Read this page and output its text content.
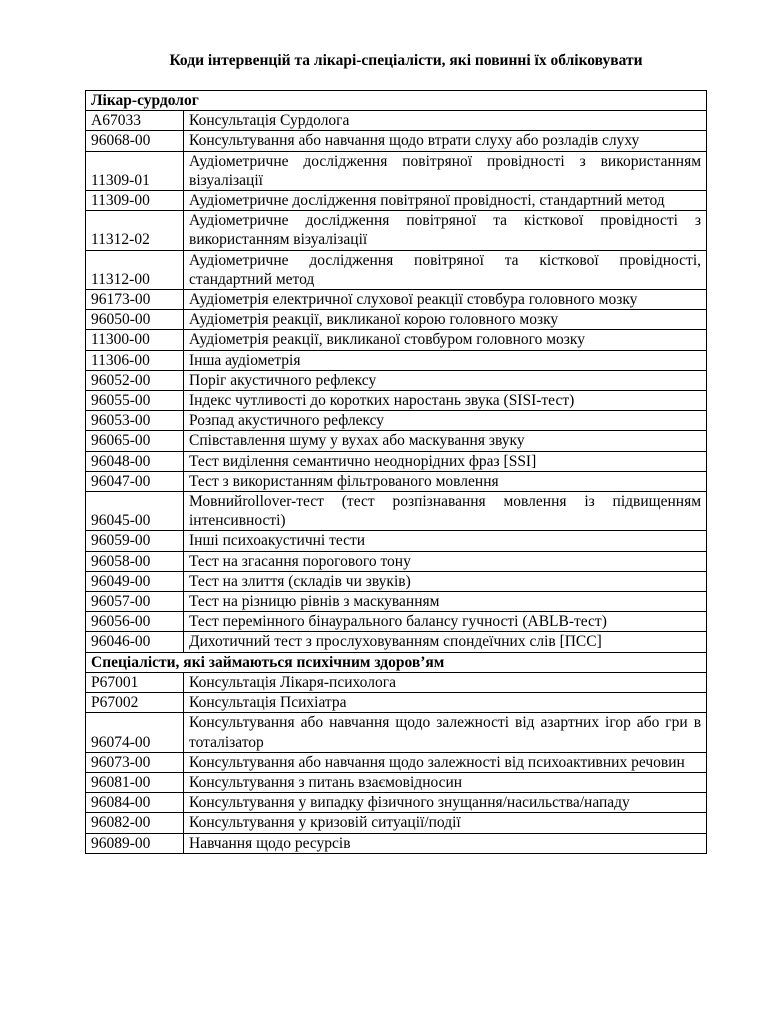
Коди інтервенцій та лікарі-спеціалісти, які повинні їх обліковувати
Лікар-сурдолог	
A67033	Консультація Сурдолога
96068-00	Консультування або навчання щодо втрати слуху або розладів слуху
11309-01	Аудіометричне дослідження повітряної провідності з використанням візуалізації
11309-00	Аудіометричне дослідження повітряної провідності, стандартний метод
11312-02	Аудіометричне дослідження повітряної та кісткової провідності з використанням візуалізації
11312-00	Аудіометричне дослідження повітряної та кісткової провідності, стандартний метод
96173-00	Аудіометрія електричної слухової реакції стовбура головного мозку
96050-00	Аудіометрія реакції, викликаної корою головного мозку
11300-00	Аудіометрія реакції, викликаної стовбуром головного мозку
11306-00	Інша аудіометрія
96052-00	Поріг акустичного рефлексу
96055-00	Індекс чутливості до коротких наростань звука (SISI-тест)
96053-00	Розпад акустичного рефлексу
96065-00	Співставлення шуму у вухах або маскування звуку
96048-00	Тест виділення семантично неоднорідних фраз [SSI]
96047-00	Тест з використанням фільтрованого мовлення
96045-00	Мовнийrollover-тест (тест розпізнавання мовлення із підвищенням інтенсивності)
96059-00	Інші психоакустичні тести
96058-00	Тест на згасання порогового тону
96049-00	Тест на злиття (складів чи звуків)
96057-00	Тест на різницю рівнів з маскуванням
96056-00	Тест перемінного бінаурального балансу гучності (ABLB-тест)
96046-00	Дихотичний тест з прослуховуванням спондеїчних слів [ПСС]
Спеціалісти, які займаються психічним здоров’ям	
P67001	Консультація Лікаря-психолога
P67002	Консультація Психіатра
96074-00	Консультування або навчання щодо залежності від азартних ігор або гри в тоталізатор
96073-00	Консультування або навчання щодо залежності від психоактивних речовин
96081-00	Консультування з питань взаємовідносин
96084-00	Консультування у випадку фізичного знущання/насильства/нападу
96082-00	Консультування у кризовій ситуації/події
96089-00	Навчання щодо ресурсів
